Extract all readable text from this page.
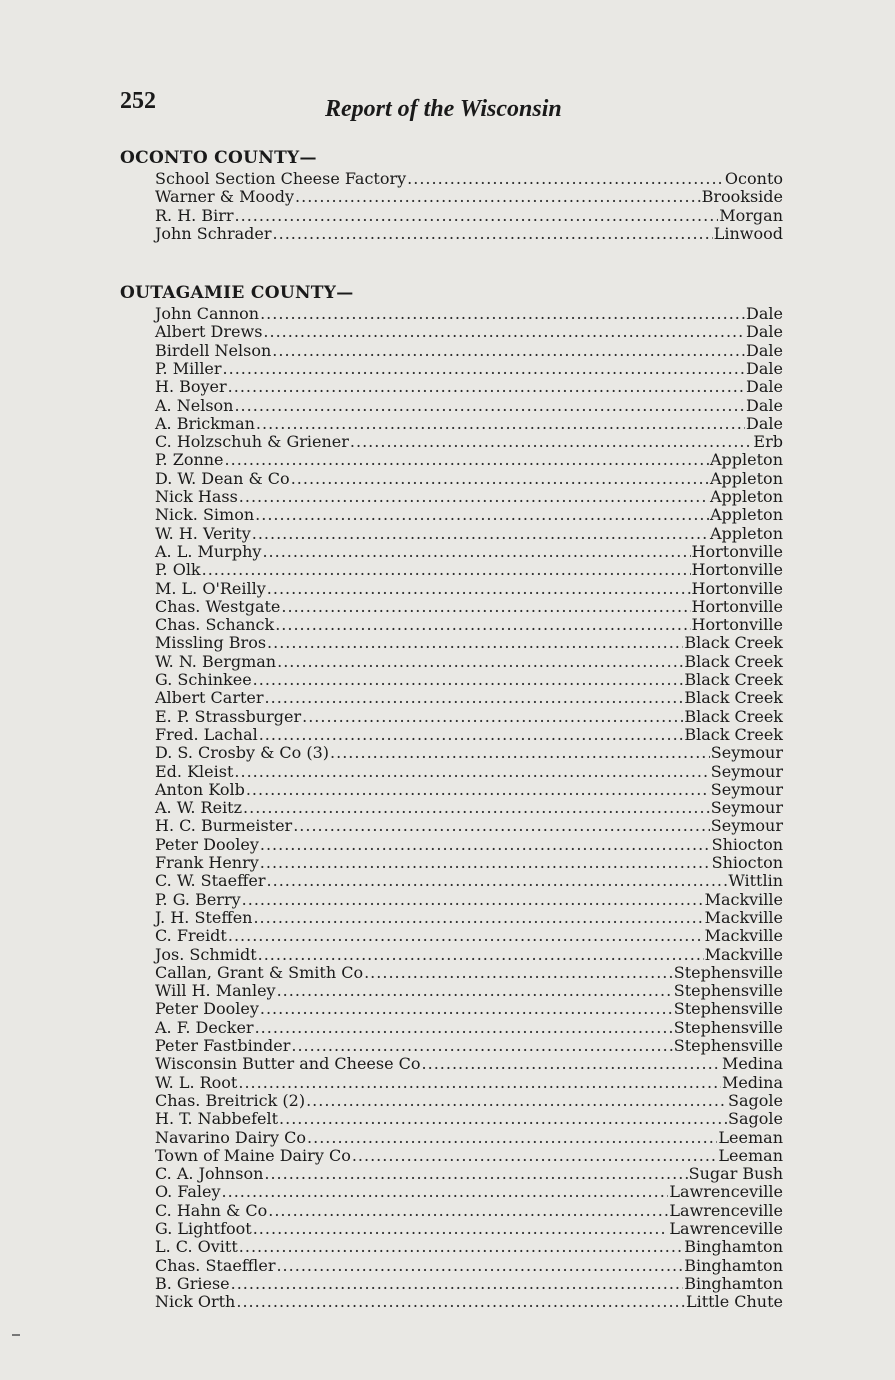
252	Report of the Wisconsin
OCONTO COUNTY—
School Section Cheese Factory .....	Oconto
Warner & Moody .....	Brookside
R. H. Birr .....	Morgan
John Schrader .....	Linwood
OUTAGAMIE COUNTY—
John Cannon .....	Dale
Albert Drews .....	Dale
Birdell Nelson .....	Dale
P. Miller .....	Dale
H. Boyer .....	Dale
A. Nelson .....	Dale
A. Brickman .....	Dale
C. Holzschuh & Griener .....	Erb
P. Zonne .....	Appleton
D. W. Dean & Co .....	Appleton
Nick Hass .....	Appleton
Nick. Simon .....	Appleton
W. H. Verity .....	Appleton
A. L. Murphy .....	Hortonville
P. Olk .....	Hortonville
M. L. O'Reilly .....	Hortonville
Chas. Westgate .....	Hortonville
Chas. Schanck .....	Hortonville
Missling Bros .....	Black Creek
W. N. Bergman .....	Black Creek
G. Schinkee .....	Black Creek
Albert Carter .....	Black Creek
E. P. Strassburger .....	Black Creek
Fred. Lachal .....	Black Creek
D. S. Crosby & Co (3) .....	Seymour
Ed. Kleist .....	Seymour
Anton Kolb .....	Seymour
A. W. Reitz .....	Seymour
H. C. Burmeister .....	Seymour
Peter Dooley .....	Shiocton
Frank Henry .....	Shiocton
C. W. Staeffer .....	Wittlin
P. G. Berry .....	Mackville
J. H. Steffen .....	Mackville
C. Freidt .....	Mackville
Jos. Schmidt .....	Mackville
Callan, Grant & Smith Co .....	Stephensville
Will H. Manley .....	Stephensville
Peter Dooley .....	Stephensville
A. F. Decker .....	Stephensville
Peter Fastbinder .....	Stephensville
Wisconsin Butter and Cheese Co .....	Medina
W. L. Root .....	Medina
Chas. Breitrick (2) .....	Sagole
H. T. Nabbefelt .....	Sagole
Navarino Dairy Co .....	Leeman
Town of Maine Dairy Co .....	Leeman
C. A. Johnson .....	Sugar Bush
O. Faley .....	Lawrenceville
C. Hahn & Co .....	Lawrenceville
G. Lightfoot .....	Lawrenceville
L. C. Ovitt .....	Binghamton
Chas. Staeffler .....	Binghamton
B. Griese .....	Binghamton
Nick Orth .....	Little Chute
